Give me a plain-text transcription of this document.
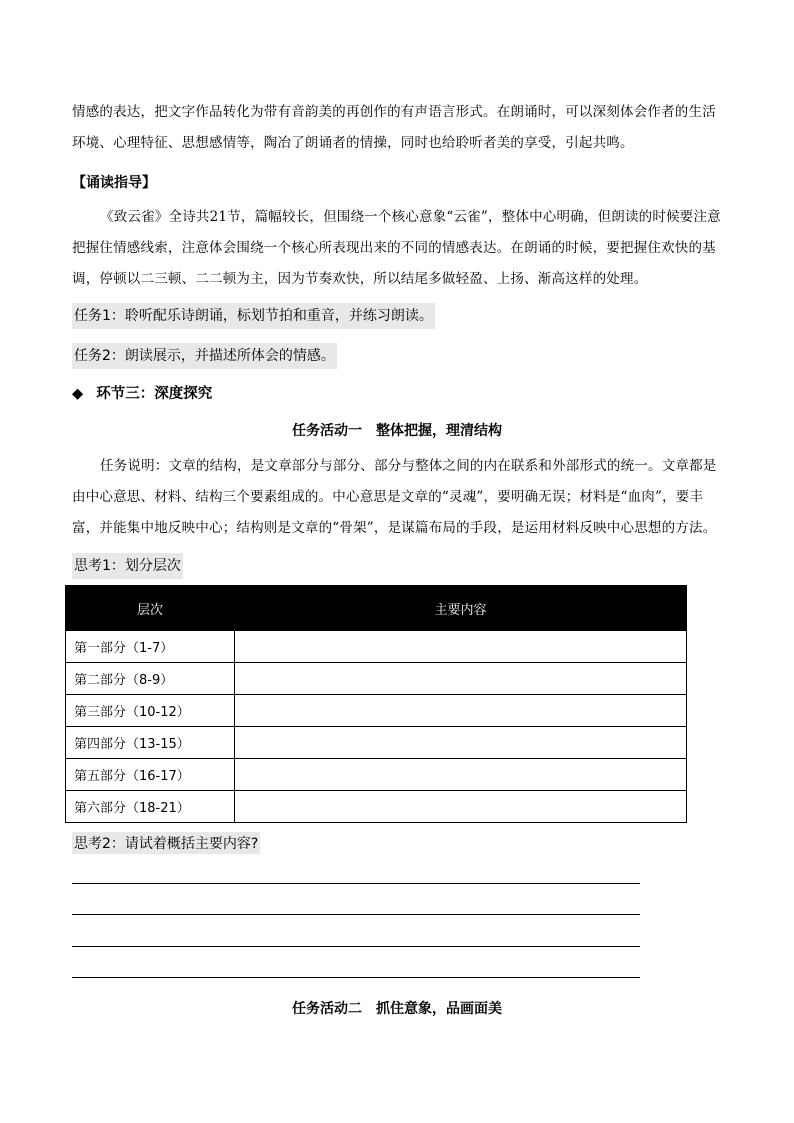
情感的表达，把文字作品转化为带有音韵美的再创作的有声语言形式。在朗诵时，可以深刻体会作者的生活环境、心理特征、思想感情等，陶冶了朗诵者的情操，同时也给聆听者美的享受，引起共鸣。

【诵读指导】

《致云雀》全诗共21节，篇幅较长，但围绕一个核心意象“云雀”，整体中心明确，但朗读的时候要注意把握住情感线索，注意体会围绕一个核心所表现出来的不同的情感表达。在朗诵的时候，要把握住欢快的基调，停顿以二三顿、二二顿为主，因为节奏欢快，所以结尾多做轻盈、上扬、渐高这样的处理。

任务1：聆听配乐诗朗诵，标划节拍和重音，并练习朗读。
任务2：朗读展示，并描述所体会的情感。
◆ 环节三：深度探究
任务活动一　整体把握，理清结构

任务说明：文章的结构，是文章部分与部分、部分与整体之间的内在联系和外部形式的统一。文章都是由中心意思、材料、结构三个要素组成的。中心意思是文章的“灵魂”，要明确无误；材料是“血肉”，要丰富，并能集中地反映中心；结构则是文章的“骨架”，是谋篇布局的手段，是运用材料反映中心思想的方法。

思考1：划分层次
层次	主要内容
第一部分（1-7）	
第二部分（8-9）	
第三部分（10-12）	
第四部分（13-15）	
第五部分（16-17）	
第六部分（18-21）	
思考2：请试着概括主要内容?
任务活动二　抓住意象，品画面美
